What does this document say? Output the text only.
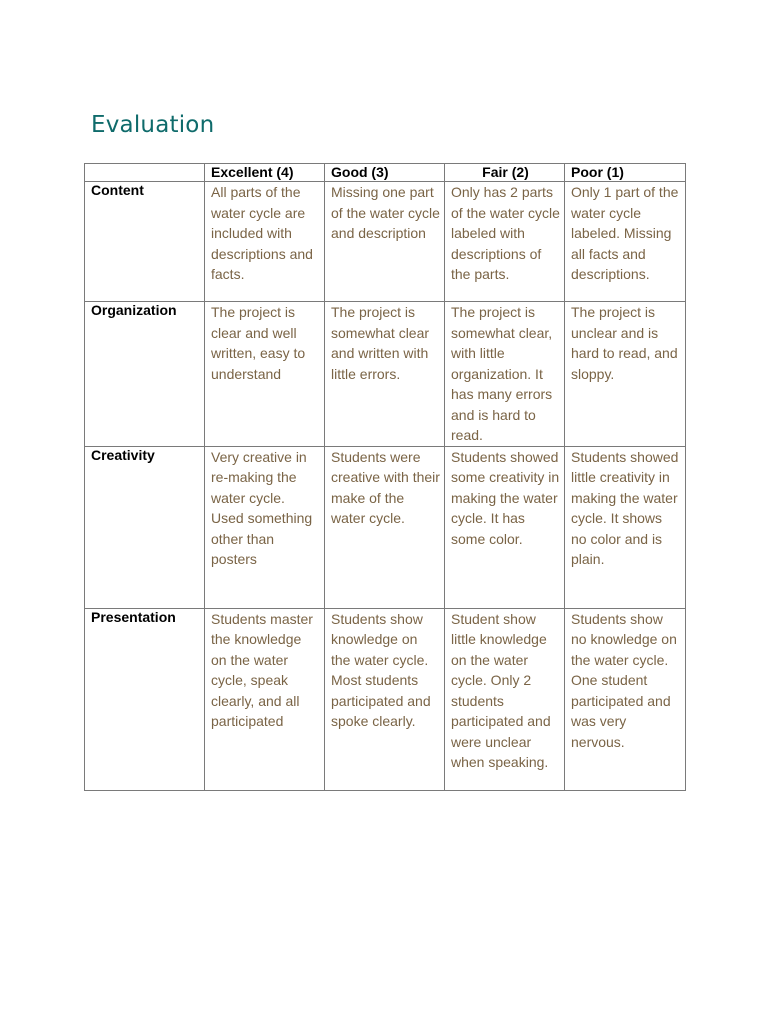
Evaluation
	Excellent (4)	Good (3)	Fair (2)	Poor (1)
Content	All parts of the water cycle are included with descriptions and facts.	Missing one part of the water cycle and description	Only has 2 parts of the water cycle labeled with descriptions of the parts.	Only 1 part of the water cycle labeled. Missing all facts and descriptions.
Organization	The project is clear and well written, easy to understand	The project is somewhat clear and written with little errors.	The project is somewhat clear, with little organization. It has many errors and is hard to read.	The project is unclear and is hard to read, and sloppy.
Creativity	Very creative in re-making the water cycle. Used something other than posters	Students were creative with their make of the water cycle.	Students showed some creativity in making the water cycle. It has some color.	Students showed little creativity in making the water cycle. It shows no color and is plain.
Presentation	Students master the knowledge on the water cycle, speak clearly, and all participated	Students show knowledge on the water cycle. Most students participated and spoke clearly.	Student show little knowledge on the water cycle. Only 2 students participated and were unclear when speaking.	Students show no knowledge on the water cycle. One student participated and was very nervous.
